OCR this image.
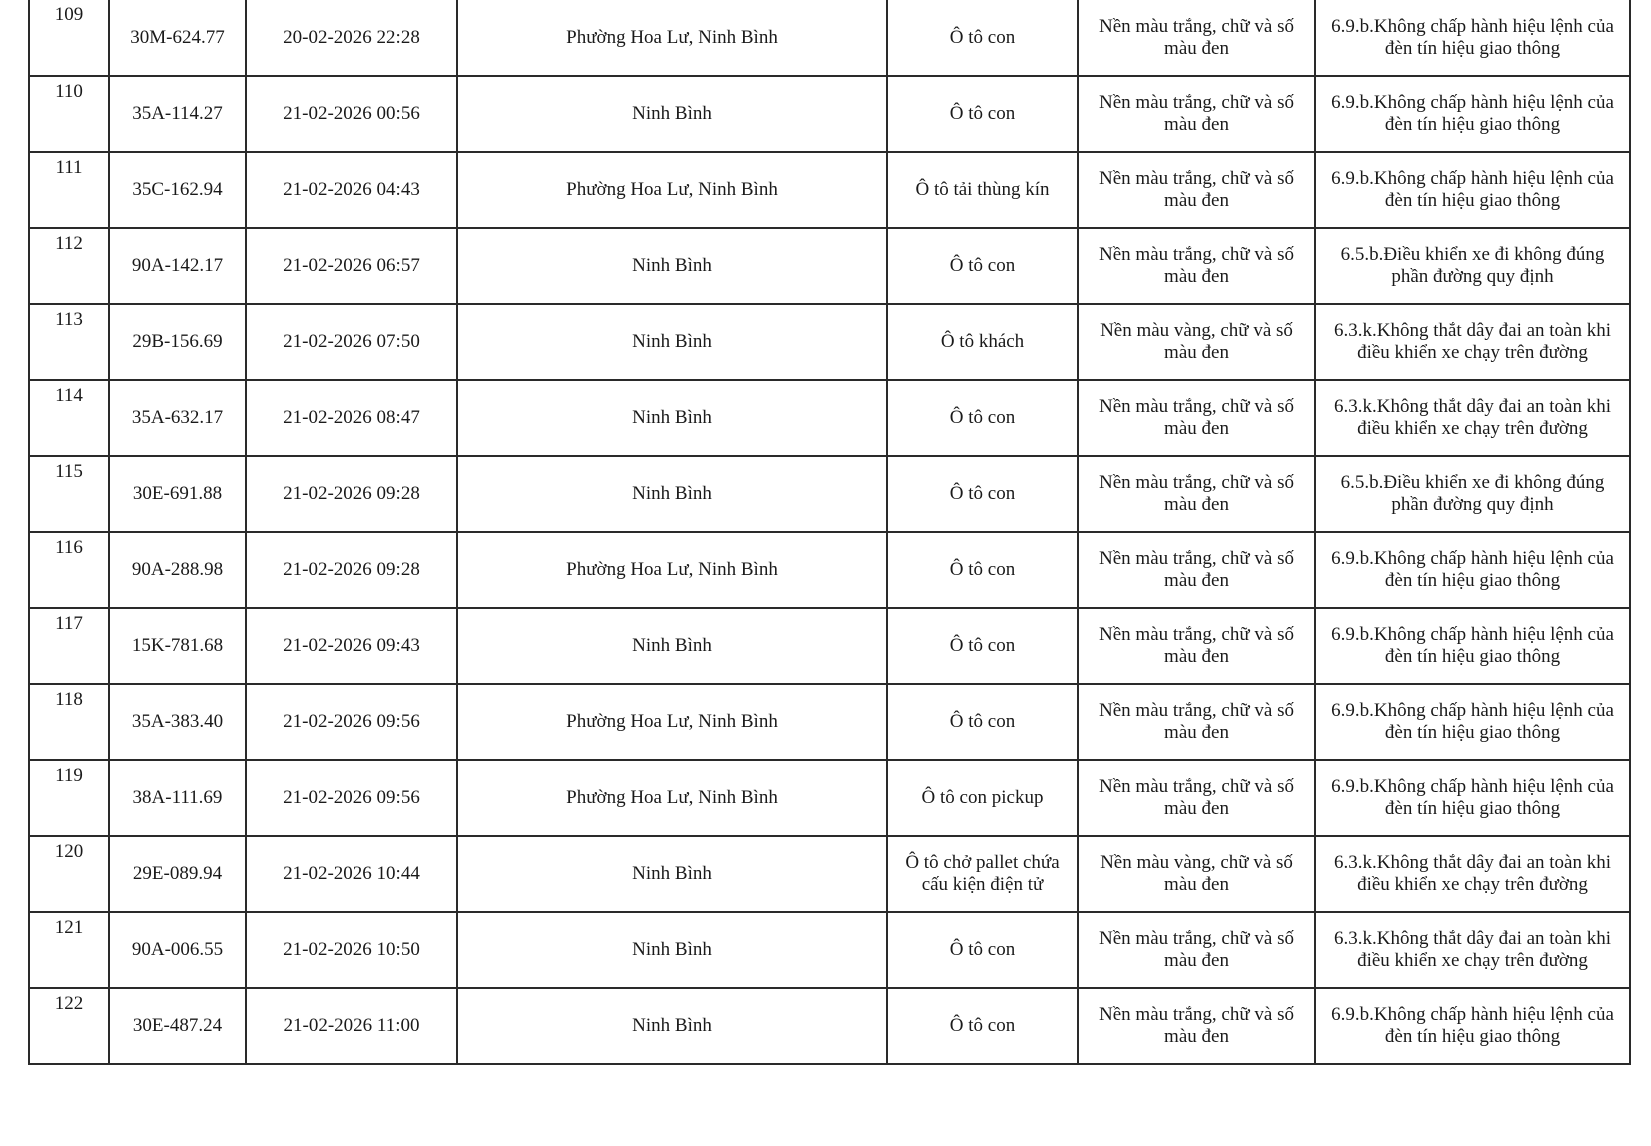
109	30M-624.77	20-02-2026 22:28	Phường Hoa Lư, Ninh Bình	Ô tô con	Nền màu trắng, chữ và số màu đen	6.9.b.Không chấp hành hiệu lệnh của đèn tín hiệu giao thông
110	35A-114.27	21-02-2026 00:56	Ninh Bình	Ô tô con	Nền màu trắng, chữ và số màu đen	6.9.b.Không chấp hành hiệu lệnh của đèn tín hiệu giao thông
111	35C-162.94	21-02-2026 04:43	Phường Hoa Lư, Ninh Bình	Ô tô tải thùng kín	Nền màu trắng, chữ và số màu đen	6.9.b.Không chấp hành hiệu lệnh của đèn tín hiệu giao thông
112	90A-142.17	21-02-2026 06:57	Ninh Bình	Ô tô con	Nền màu trắng, chữ và số màu đen	6.5.b.Điều khiển xe đi không đúng phần đường quy định
113	29B-156.69	21-02-2026 07:50	Ninh Bình	Ô tô khách	Nền màu vàng, chữ và số màu đen	6.3.k.Không thắt dây đai an toàn khi điều khiển xe chạy trên đường
114	35A-632.17	21-02-2026 08:47	Ninh Bình	Ô tô con	Nền màu trắng, chữ và số màu đen	6.3.k.Không thắt dây đai an toàn khi điều khiển xe chạy trên đường
115	30E-691.88	21-02-2026 09:28	Ninh Bình	Ô tô con	Nền màu trắng, chữ và số màu đen	6.5.b.Điều khiển xe đi không đúng phần đường quy định
116	90A-288.98	21-02-2026 09:28	Phường Hoa Lư, Ninh Bình	Ô tô con	Nền màu trắng, chữ và số màu đen	6.9.b.Không chấp hành hiệu lệnh của đèn tín hiệu giao thông
117	15K-781.68	21-02-2026 09:43	Ninh Bình	Ô tô con	Nền màu trắng, chữ và số màu đen	6.9.b.Không chấp hành hiệu lệnh của đèn tín hiệu giao thông
118	35A-383.40	21-02-2026 09:56	Phường Hoa Lư, Ninh Bình	Ô tô con	Nền màu trắng, chữ và số màu đen	6.9.b.Không chấp hành hiệu lệnh của đèn tín hiệu giao thông
119	38A-111.69	21-02-2026 09:56	Phường Hoa Lư, Ninh Bình	Ô tô con pickup	Nền màu trắng, chữ và số màu đen	6.9.b.Không chấp hành hiệu lệnh của đèn tín hiệu giao thông
120	29E-089.94	21-02-2026 10:44	Ninh Bình	Ô tô chở pallet chứa cấu kiện điện tử	Nền màu vàng, chữ và số màu đen	6.3.k.Không thắt dây đai an toàn khi điều khiển xe chạy trên đường
121	90A-006.55	21-02-2026 10:50	Ninh Bình	Ô tô con	Nền màu trắng, chữ và số màu đen	6.3.k.Không thắt dây đai an toàn khi điều khiển xe chạy trên đường
122	30E-487.24	21-02-2026 11:00	Ninh Bình	Ô tô con	Nền màu trắng, chữ và số màu đen	6.9.b.Không chấp hành hiệu lệnh của đèn tín hiệu giao thông
